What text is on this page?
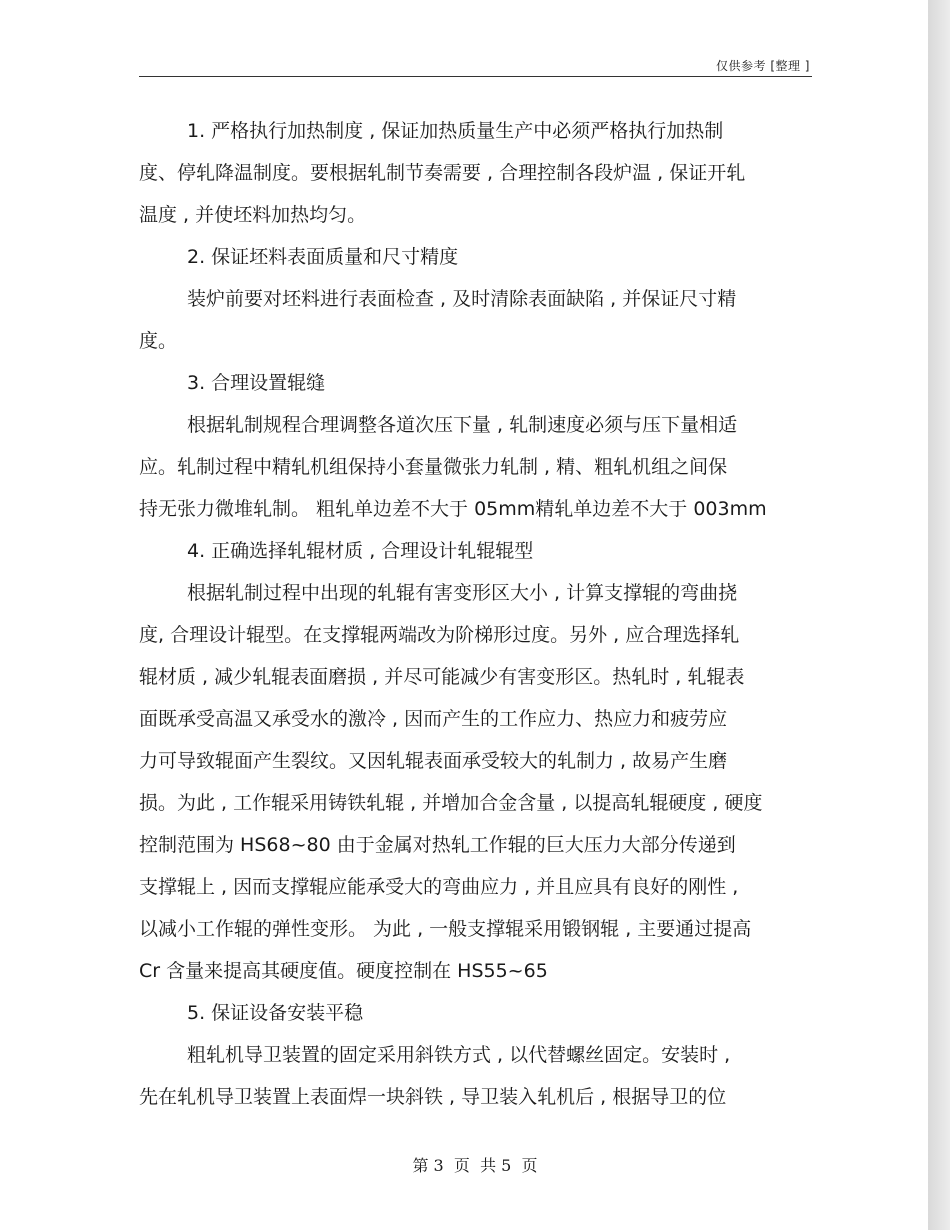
仅供参考 [整理 ]
1. 严格执行加热制度 , 保证加热质量生产中必须严格执行加热制
度、停轧降温制度。要根据轧制节奏需要 , 合理控制各段炉温 , 保证开轧
温度 , 并使坯料加热均匀。
2. 保证坯料表面质量和尺寸精度
装炉前要对坯料进行表面检查 , 及时清除表面缺陷 , 并保证尺寸精
度。
3. 合理设置辊缝
根据轧制规程合理调整各道次压下量 , 轧制速度必须与压下量相适
应。轧制过程中精轧机组保持小套量微张力轧制 , 精、粗轧机组之间保
持无张力微堆轧制。 粗轧单边差不大于 05mm精轧单边差不大于 003mm
4. 正确选择轧辊材质 , 合理设计轧辊辊型
根据轧制过程中出现的轧辊有害变形区大小 , 计算支撑辊的弯曲挠
度, 合理设计辊型。在支撑辊两端改为阶梯形过度。另外 , 应合理选择轧
辊材质 , 减少轧辊表面磨损 , 并尽可能减少有害变形区。热轧时 , 轧辊表
面既承受高温又承受水的激冷 , 因而产生的工作应力、热应力和疲劳应
力可导致辊面产生裂纹。又因轧辊表面承受较大的轧制力 , 故易产生磨
损。为此 , 工作辊采用铸铁轧辊 , 并增加合金含量 , 以提高轧辊硬度 , 硬度
控制范围为 HS68~80 由于金属对热轧工作辊的巨大压力大部分传递到
支撑辊上 , 因而支撑辊应能承受大的弯曲应力 , 并且应具有良好的刚性 ,
以减小工作辊的弹性变形。 为此 , 一般支撑辊采用锻钢辊 , 主要通过提高
Cr 含量来提高其硬度值。硬度控制在 HS55~65
5. 保证设备安装平稳
粗轧机导卫装置的固定采用斜铁方式 , 以代替螺丝固定。安装时 ,
先在轧机导卫装置上表面焊一块斜铁 , 导卫装入轧机后 , 根据导卫的位
第 3  页  共 5  页
